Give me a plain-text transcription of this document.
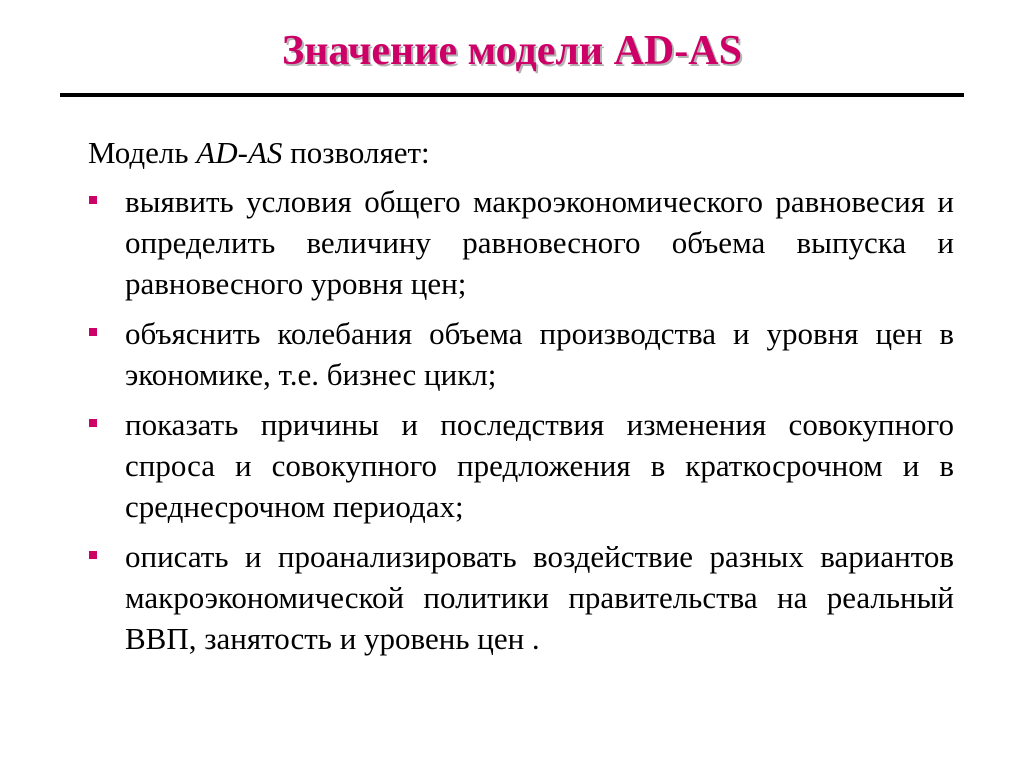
Значение модели AD-AS

Модель AD-AS позволяет:

выявить условия общего макроэкономического равновесия и определить величину равновесного объема выпуска и равновесного уровня цен;
объяснить колебания объема производства и уровня цен в экономике, т.е. бизнес цикл;
показать причины и последствия изменения совокупного спроса и совокупного предложения в краткосрочном и в среднесрочном периодах;
описать и проанализировать воздействие разных вариантов макроэкономической политики правительства на реальный ВВП, занятость и уровень цен .
